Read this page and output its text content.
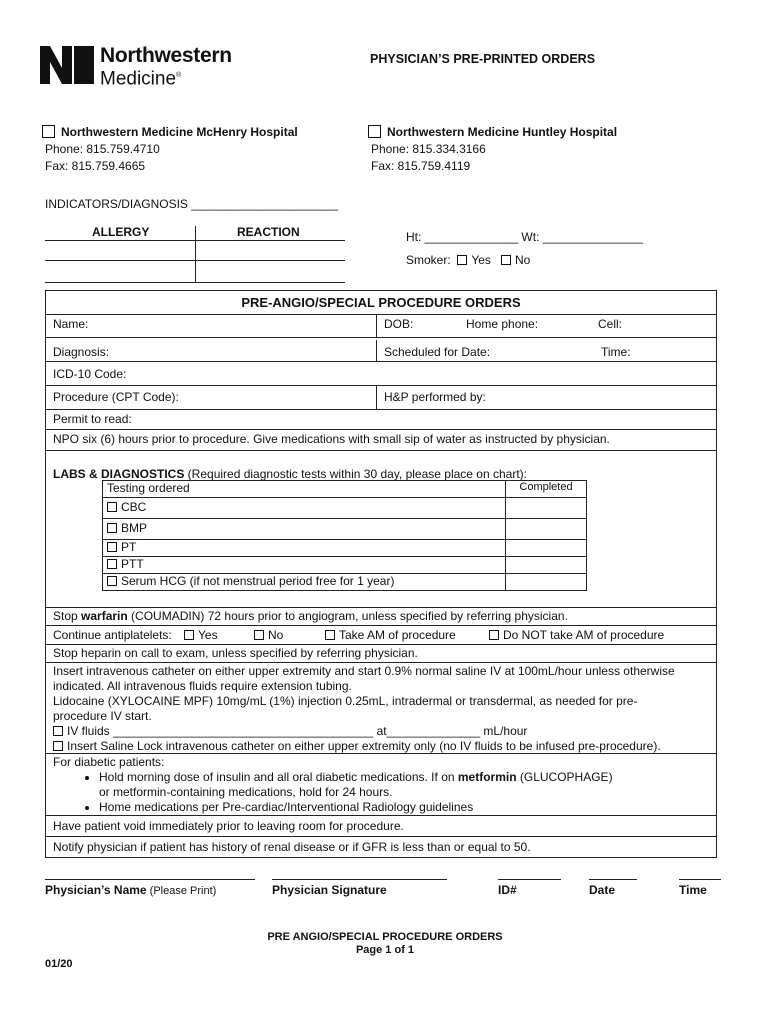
Northwestern
Medicine®
PHYSICIAN’S PRE-PRINTED ORDERS
Northwestern Medicine McHenry Hospital
Phone: 815.759.4710
Fax: 815.759.4665
Northwestern Medicine Huntley Hospital
Phone: 815.334.3166
Fax: 815.759.4119
INDICATORS/DIAGNOSIS ______________________
ALLERGY	REACTION	Ht: ______________ Wt: _______________
Smoker: Yes No
PRE-ANGIO/SPECIAL PROCEDURE ORDERS
Name:	DOB:	Home phone:	Cell:
Diagnosis:	Scheduled for Date:	Time:
ICD-10 Code:
Procedure (CPT Code):	H&P performed by:
Permit to read:
NPO six (6) hours prior to procedure. Give medications with small sip of water as instructed by physician.
LABS & DIAGNOSTICS (Required diagnostic tests within 30 day, please place on chart):
Testing ordered	Completed
CBC	
BMP	
PT	
PTT	
Serum HCG (if not menstrual period free for 1 year)	
Stop warfarin (COUMADIN) 72 hours prior to angiogram, unless specified by referring physician.
Continue antiplatelets:	Yes	No	Take AM of procedure	Do NOT take AM of procedure
Stop heparin on call to exam, unless specified by referring physician.
Insert intravenous catheter on either upper extremity and start 0.9% normal saline IV at 100mL/hour unless otherwise
indicated. All intravenous fluids require extension tubing.
Lidocaine (XYLOCAINE MPF) 10mg/mL (1%) injection 0.25mL, intradermal or transdermal, as needed for pre-
procedure IV start.
IV fluids _______________________________________ at______________ mL/hour
Insert Saline Lock intravenous catheter on either upper extremity only (no IV fluids to be infused pre-procedure).
For diabetic patients:
• Hold morning dose of insulin and all oral diabetic medications. If on metformin (GLUCOPHAGE)
or metformin-containing medications, hold for 24 hours.
• Home medications per Pre-cardiac/Interventional Radiology guidelines
Have patient void immediately prior to leaving room for procedure.
Notify physician if patient has history of renal disease or if GFR is less than or equal to 50.
Physician’s Name (Please Print)	Physician Signature	ID#	Date	Time
PRE ANGIO/SPECIAL PROCEDURE ORDERS
Page 1 of 1
01/20
